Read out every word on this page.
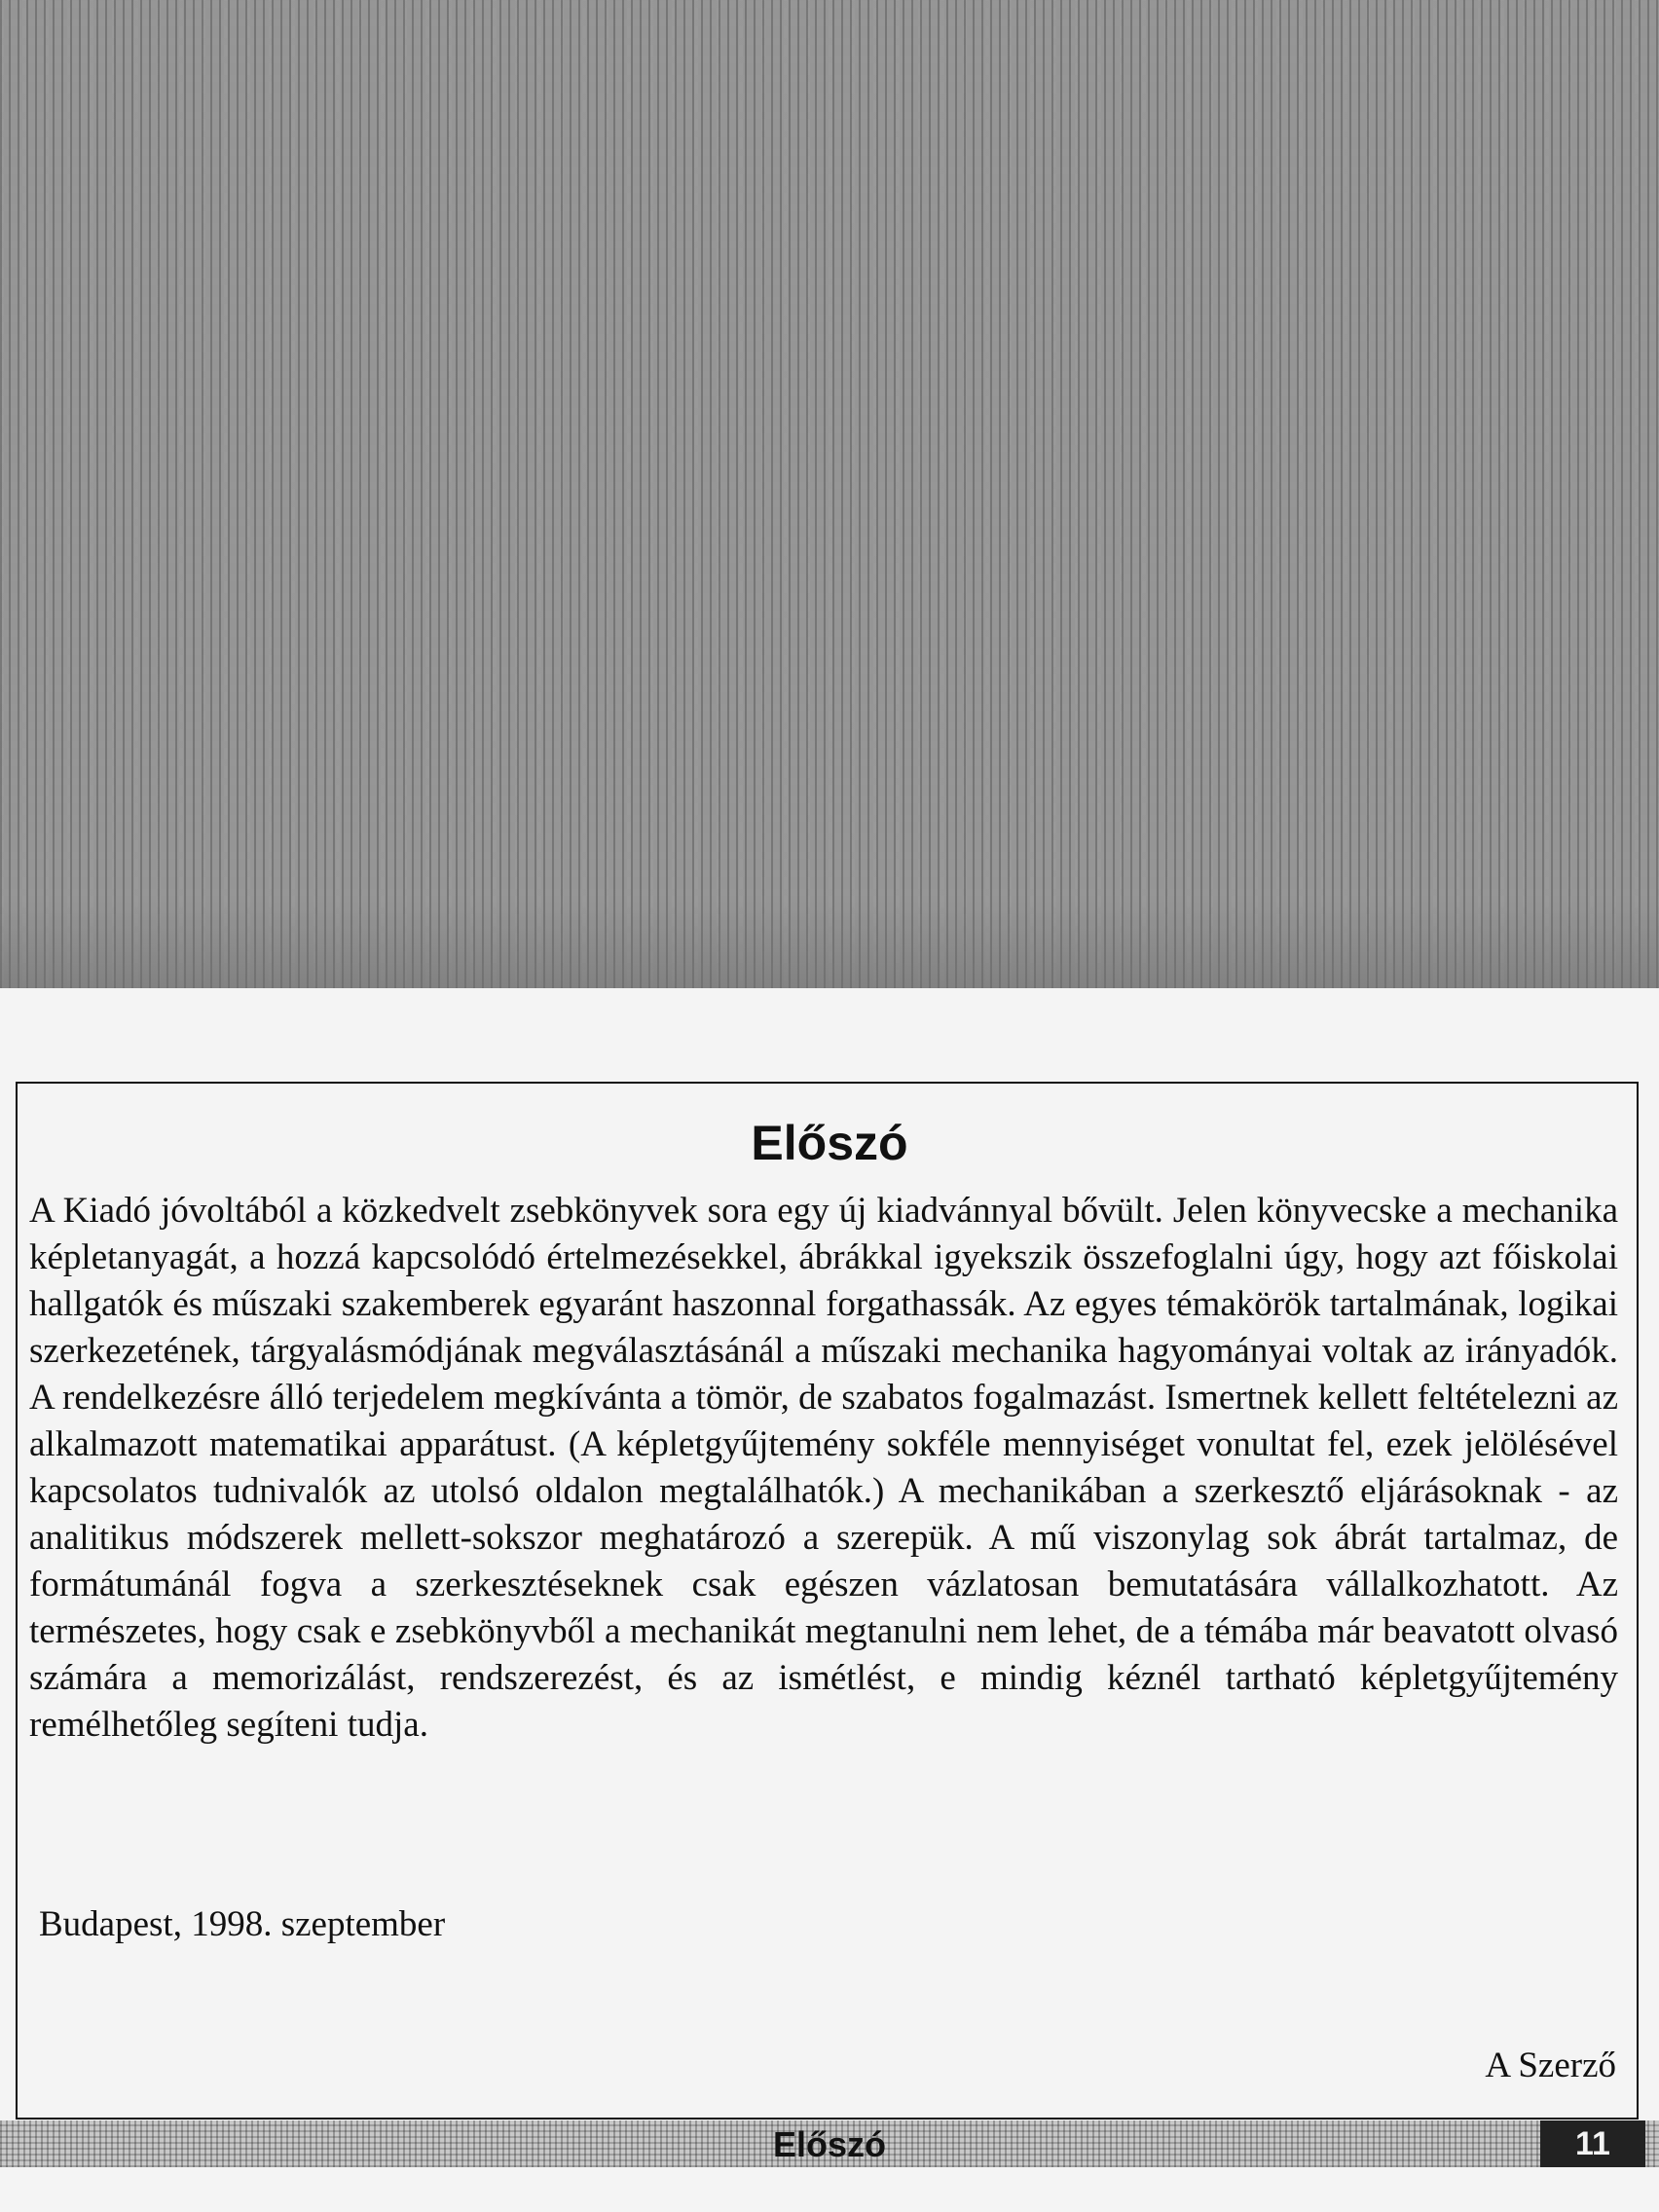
Előszó

A Kiadó jóvoltából a közkedvelt zsebkönyvek sora egy új kiadvánnyal bővült. Jelen könyvecske a mechanika képletanyagát, a hozzá kapcsolódó értelmezésekkel, ábrákkal igyekszik összefoglalni úgy, hogy azt főiskolai hallgatók és műszaki szakemberek egyaránt haszonnal forgathassák. Az egyes témakörök tartalmának, logikai szerkezetének, tárgyalásmódjának megválasztásánál a műszaki mechanika hagyományai voltak az irányadók. A rendelkezésre álló terjedelem megkívánta a tömör, de szabatos fogalmazást. Ismertnek kellett feltételezni az alkalmazott matematikai apparátust. (A képletgyűjtemény sokféle mennyiséget vonultat fel, ezek jelölésével kapcsolatos tudnivalók az utolsó oldalon megtalálhatók.) A mechanikában a szerkesztő eljárásoknak - az analitikus módszerek mellett-sokszor meghatározó a szerepük. A mű viszonylag sok ábrát tartalmaz, de formátumánál fogva a szerkesztéseknek csak egészen vázlatosan bemutatására vállalkozhatott. Az természetes, hogy csak e zsebkönyvből a mechanikát megtanulni nem lehet, de a témába már beavatott olvasó számára a memorizálást, rendszerezést, és az ismétlést, e mindig kéznél tartható képletgyűjtemény remélhetőleg segíteni tudja.

Budapest, 1998. szeptember

A Szerző

Előszó	11
